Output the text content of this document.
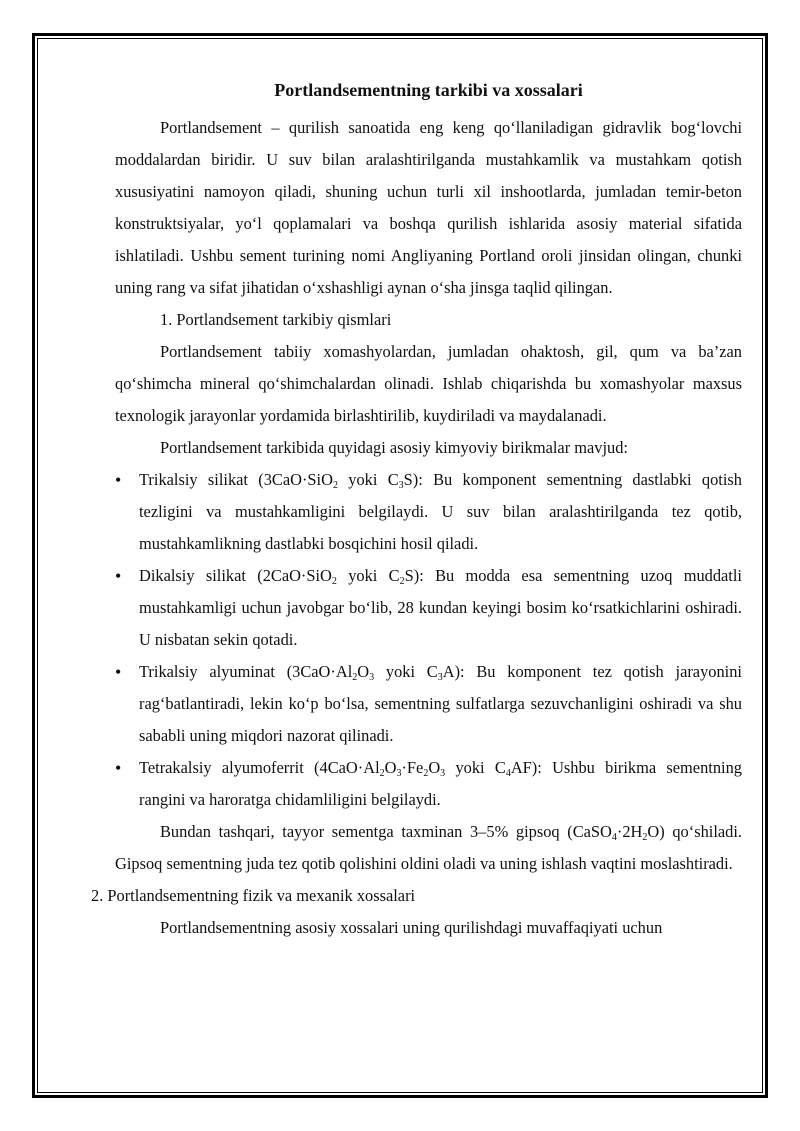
Portlandsementning tarkibi va xossalari

Portlandsement – qurilish sanoatida eng keng qo‘llaniladigan gidravlik bog‘lovchi moddalardan biridir. U suv bilan aralashtirilganda mustahkamlik va mustahkam qotish xususiyatini namoyon qiladi, shuning uchun turli xil inshootlarda, jumladan temir-beton konstruktsiyalar, yo‘l qoplamalari va boshqa qurilish ishlarida asosiy material sifatida ishlatiladi. Ushbu sement turining nomi Angliyaning Portland oroli jinsidan olingan, chunki uning rang va sifat jihatidan o‘xshashligi aynan o‘sha jinsga taqlid qilingan.

1. Portlandsement tarkibiy qismlari

Portlandsement tabiiy xomashyolardan, jumladan ohaktosh, gil, qum va ba’zan qo‘shimcha mineral qo‘shimchalardan olinadi. Ishlab chiqarishda bu xomashyolar maxsus texnologik jarayonlar yordamida birlashtirilib, kuydiriladi va maydalanadi.

Portlandsement tarkibida quyidagi asosiy kimyoviy birikmalar mavjud:

• Trikalsiy silikat (3CaO·SiO$_2$ yoki $C_3S$): Bu komponent sementning dastlabki qotish tezligini va mustahkamligini belgilaydi. U suv bilan aralashtirilganda tez qotib, mustahkamlikning dastlabki bosqichini hosil qiladi.
• Dikalsiy silikat (2CaO·SiO$_2$ yoki $C_2S$): Bu modda esa sementning uzoq muddatli mustahkamligi uchun javobgar bo‘lib, 28 kundan keyingi bosim ko‘rsatkichlarini oshiradi. U nisbatan sekin qotadi.
• Trikalsiy alyuminat ($3CaO\cdot Al_2O_3$ yoki $C_3A$): Bu komponent tez qotish jarayonini rag‘batlantiradi, lekin ko‘p bo‘lsa, sementning sulfatlarga sezuvchanligini oshiradi va shu sababli uning miqdori nazorat qilinadi.
• Tetrakalsiy alyumoferrit ($4CaO\cdot Al_2O_3\cdot Fe_2O_3$ yoki $C_4AF$): Ushbu birikma sementning rangini va haroratga chidamliligini belgilaydi.

Bundan tashqari, tayyor sementga taxminan 3–5% gipsoq $(CaSO_4\cdot 2H_2O)$ qo‘shiladi. Gipsoq sementning juda tez qotib qolishini oldini oladi va uning ishlash vaqtini moslashtiradi.

2. Portlandsementning fizik va mexanik xossalari

Portlandsementning asosiy xossalari uning qurilishdagi muvaffaqiyati uchun
